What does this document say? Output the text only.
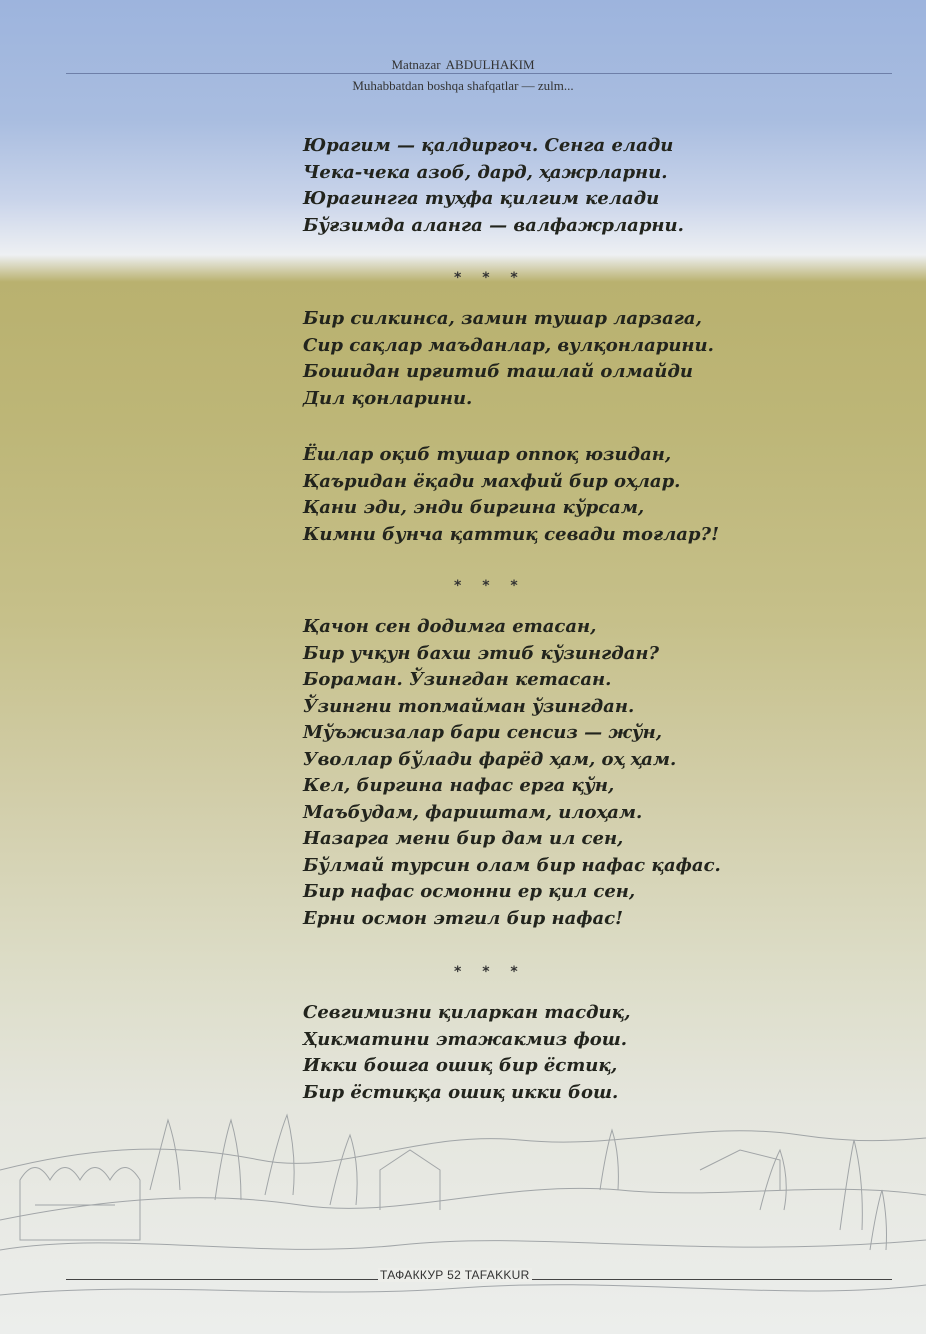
Matnazar ABDULHAKIM
Muhabbatdan boshqa shafqatlar — zulm...
Юрагим — қалдирғоч. Сенга елади
Чека-чека азоб, дард, ҳажрларни.
Юрагингга туҳфа қилгим келади
Бўғзимда аланга — валфажрларни.
* * *
Бир силкинса, замин тушар ларзага,
Сир сақлар маъданлар, вулқонларини.
Бошидан ирғитиб ташлай олмайди
Дил қонларини.
Ёшлар оқиб тушар оппоқ юзидан,
Қаъридан ёқади махфий бир оҳлар.
Қани эди, энди биргина кўрсам,
Кимни бунча қаттиқ севади тоғлар?!
* * *
Қачон сен додимга етасан,
Бир учқун бахш этиб кўзингдан?
Бораман. Ўзингдан кетасан.
Ўзингни топмайман ўзингдан.
Мўъжизалар бари сенсиз — жўн,
Уволлар бўлади фарёд ҳам, оҳ ҳам.
Кел, биргина нафас ерга қўн,
Маъбудам, фариштам, илоҳам.
Назарга мени бир дам ил сен,
Бўлмай турсин олам бир нафас қафас.
Бир нафас осмонни ер қил сен,
Ерни осмон этгил бир нафас!
* * *
Севгимизни қиларкан тасдиқ,
Ҳикматини этажакмиз фош.
Икки бошга ошиқ бир ёстиқ,
Бир ёстиққа ошиқ икки бош.
ТАФАККУР 52 TAFAKKUR
